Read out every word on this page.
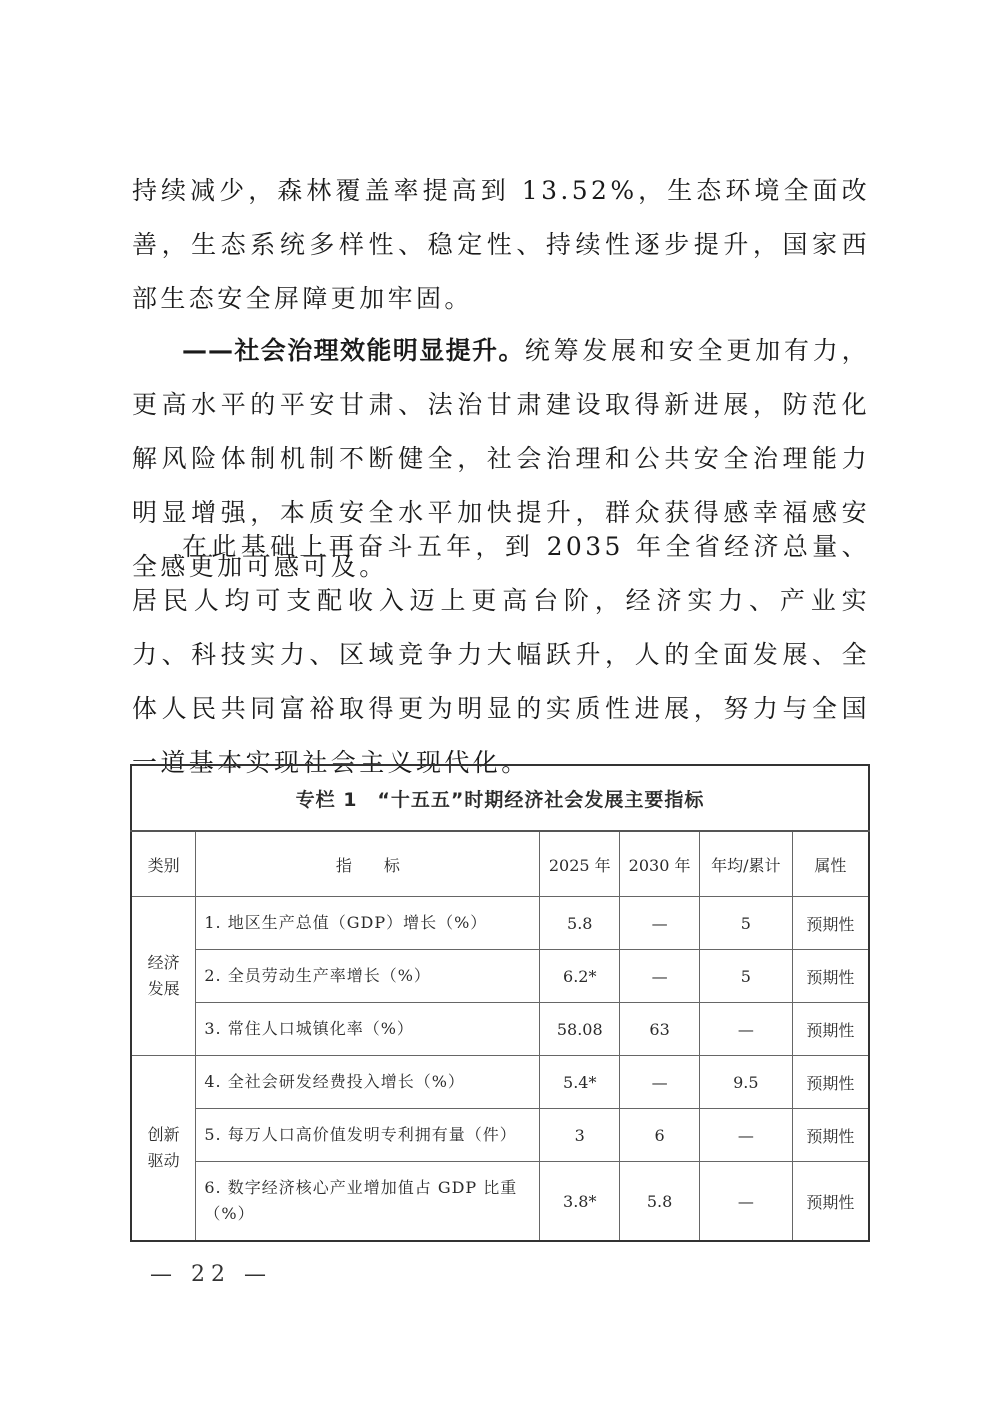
持续减少，森林覆盖率提高到 13.52%，生态环境全面改善，生态系统多样性、稳定性、持续性逐步提升，国家西部生态安全屏障更加牢固。
——社会治理效能明显提升。统筹发展和安全更加有力，更高水平的平安甘肃、法治甘肃建设取得新进展，防范化解风险体制机制不断健全，社会治理和公共安全治理能力明显增强，本质安全水平加快提升，群众获得感幸福感安全感更加可感可及。
在此基础上再奋斗五年，到 2035 年全省经济总量、居民人均可支配收入迈上更高台阶，经济实力、产业实力、科技实力、区域竞争力大幅跃升，人的全面发展、全体人民共同富裕取得更为明显的实质性进展，努力与全国一道基本实现社会主义现代化。
专栏 1　“十五五”时期经济社会发展主要指标					
类别	指　　标	2025 年	2030 年	年均/累计	属性
经济发展	1. 地区生产总值（GDP）增长（%）	5.8	—	5	预期性
	2. 全员劳动生产率增长（%）	6.2*	—	5	预期性
	3. 常住人口城镇化率（%）	58.08	63	—	预期性
创新驱动	4. 全社会研发经费投入增长（%）	5.4*	—	9.5	预期性
	5. 每万人口高价值发明专利拥有量（件）	3	6	—	预期性
	6. 数字经济核心产业增加值占 GDP 比重（%）	3.8*	5.8	—	预期性
— 22 —
